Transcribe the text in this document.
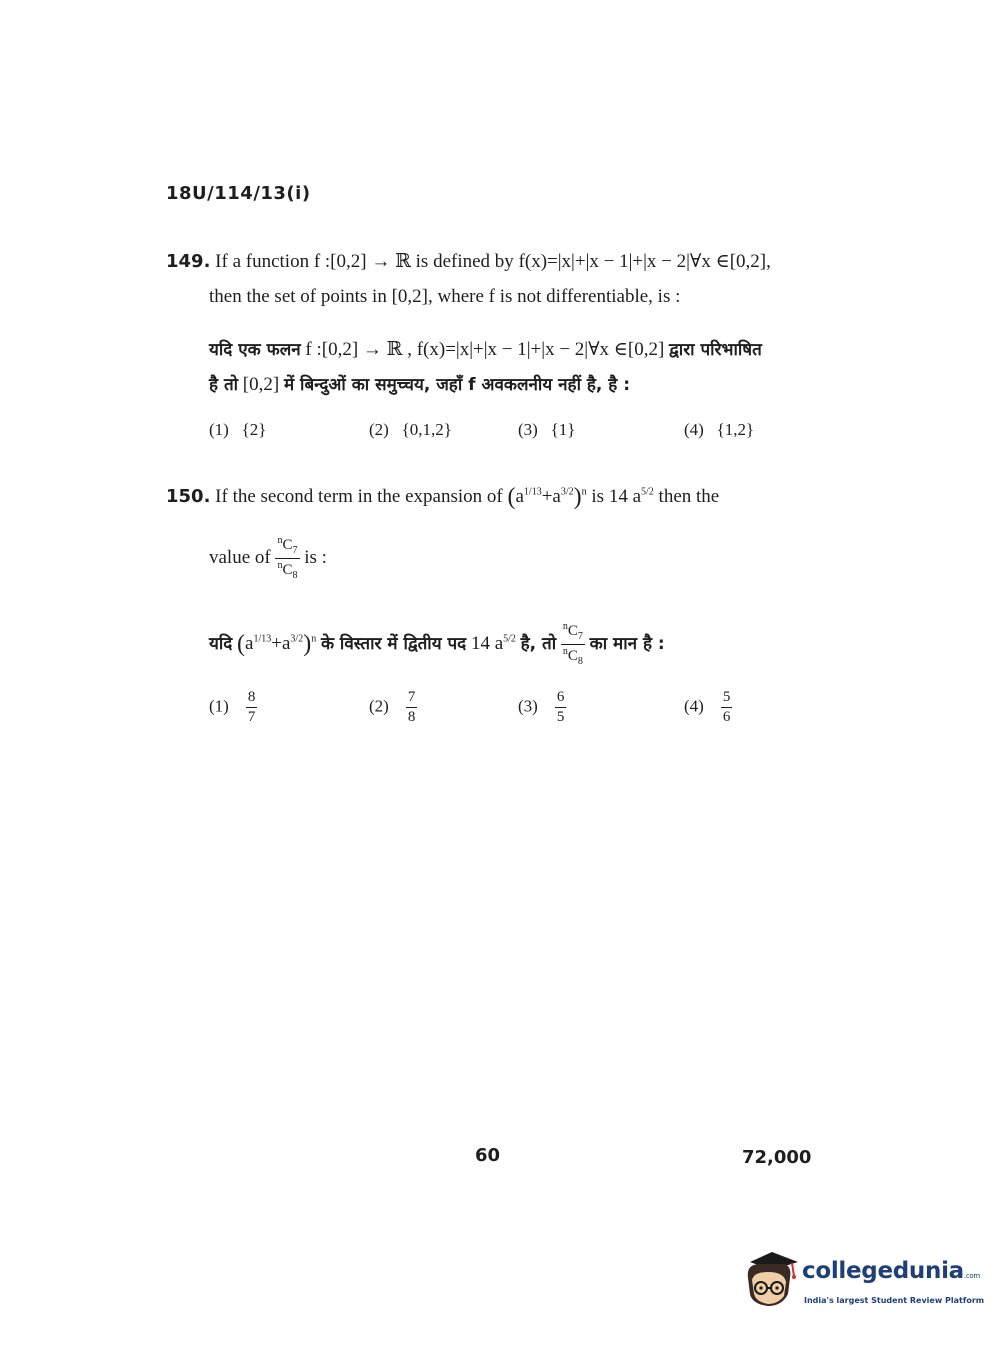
18U/114/13(i)
149. If a function f :[0,2] → ℝ is defined by f(x)=|x|+|x − 1|+|x − 2|∀x ∈[0,2],
then the set of points in [0,2], where f is not differentiable, is :
यदि एक फलन f :[0,2] → ℝ , f(x)=|x|+|x − 1|+|x − 2|∀x ∈[0,2] द्वारा परिभाषित
है तो [0,2] में बिन्दुओं का समुच्चय, जहाँ f अवकलनीय नहीं है, है :
(1) {2}	(2) {0,1,2}	(3) {1}	(4) {1,2}
150. If the second term in the expansion of $(a^{1/13}+a^{3/2})^n$ is 14 $a^{5/2}$ then the
value of $\frac{^nC_7}{^nC_8}$ is :
यदि $(a^{1/13}+a^{3/2})^n$ के विस्तार में द्वितीय पद 14 $a^{5/2}$ है, तो $\frac{^nC_7}{^nC_8}$ का मान है :
$(1) \frac{8}{7}$	$(2) \frac{7}{8}$	$(3) \frac{6}{5}$	$(4) \frac{5}{6}$
60	72,000
collegedunia.com
India's largest Student Review Platform
